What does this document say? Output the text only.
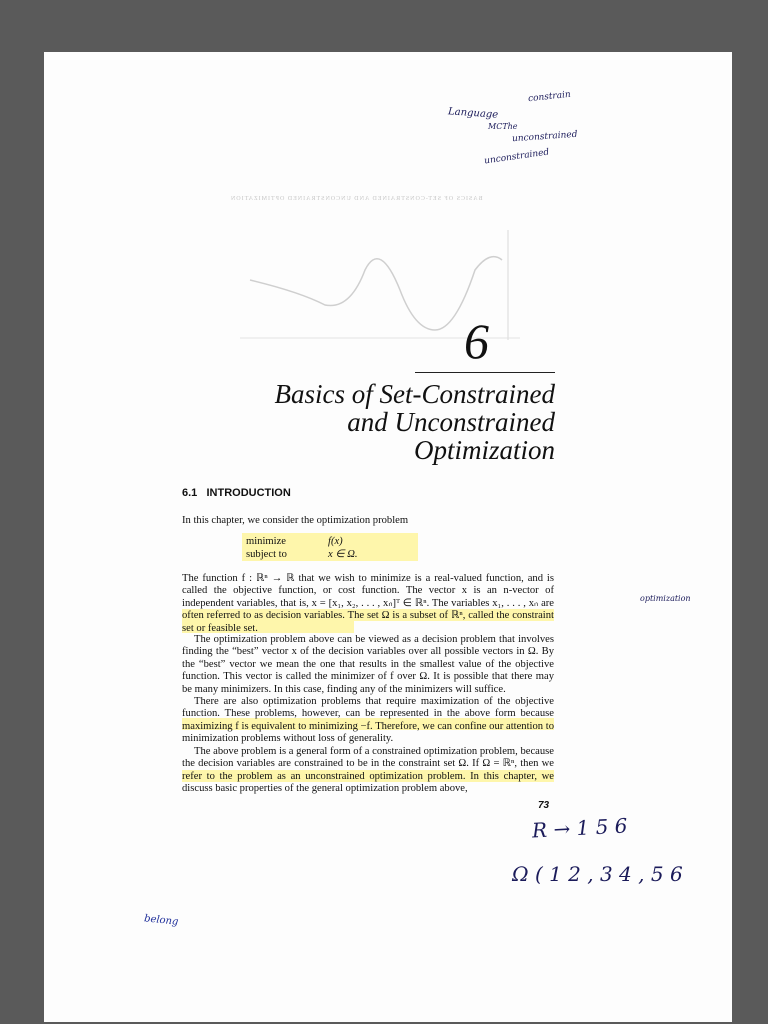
BASICS OF SET-CONSTRAINED AND UNCONSTRAINED OPTIMIZATION
6
Basics of Set-Constrained
and Unconstrained
Optimization
6.1 INTRODUCTION

In this chapter, we consider the optimization problem

minimize	f(x)
subject to	x ∈ Ω.

The function f : ℝⁿ → ℝ that we wish to minimize is a real-valued function, and is called the objective function, or cost function. The vector x is an n-vector of independent variables, that is, x = [x₁, x₂, . . . , xₙ]ᵀ ∈ ℝⁿ. The variables x₁, . . . , xₙ are often referred to as decision variables. The set Ω is a subset of ℝⁿ, called the constraint set or feasible set.

The optimization problem above can be viewed as a decision problem that involves finding the “best” vector x of the decision variables over all possible vectors in Ω. By the “best” vector we mean the one that results in the smallest value of the objective function. This vector is called the minimizer of f over Ω. It is possible that there may be many minimizers. In this case, finding any of the minimizers will suffice.

There are also optimization problems that require maximization of the objective function. These problems, however, can be represented in the above form because maximizing f is equivalent to minimizing −f. Therefore, we can confine our attention to minimization problems without loss of generality.

The above problem is a general form of a constrained optimization problem, because the decision variables are constrained to be in the constraint set Ω. If Ω = ℝⁿ, then we refer to the problem as an unconstrained optimization problem. In this chapter, we discuss basic properties of the general optimization problem above,

73
constrain
Language
MCThe
unconstrained
unconstrained
optimization
R → 1 5 6
Ω ( 1 2 , 3 4 , 5 6
belong
